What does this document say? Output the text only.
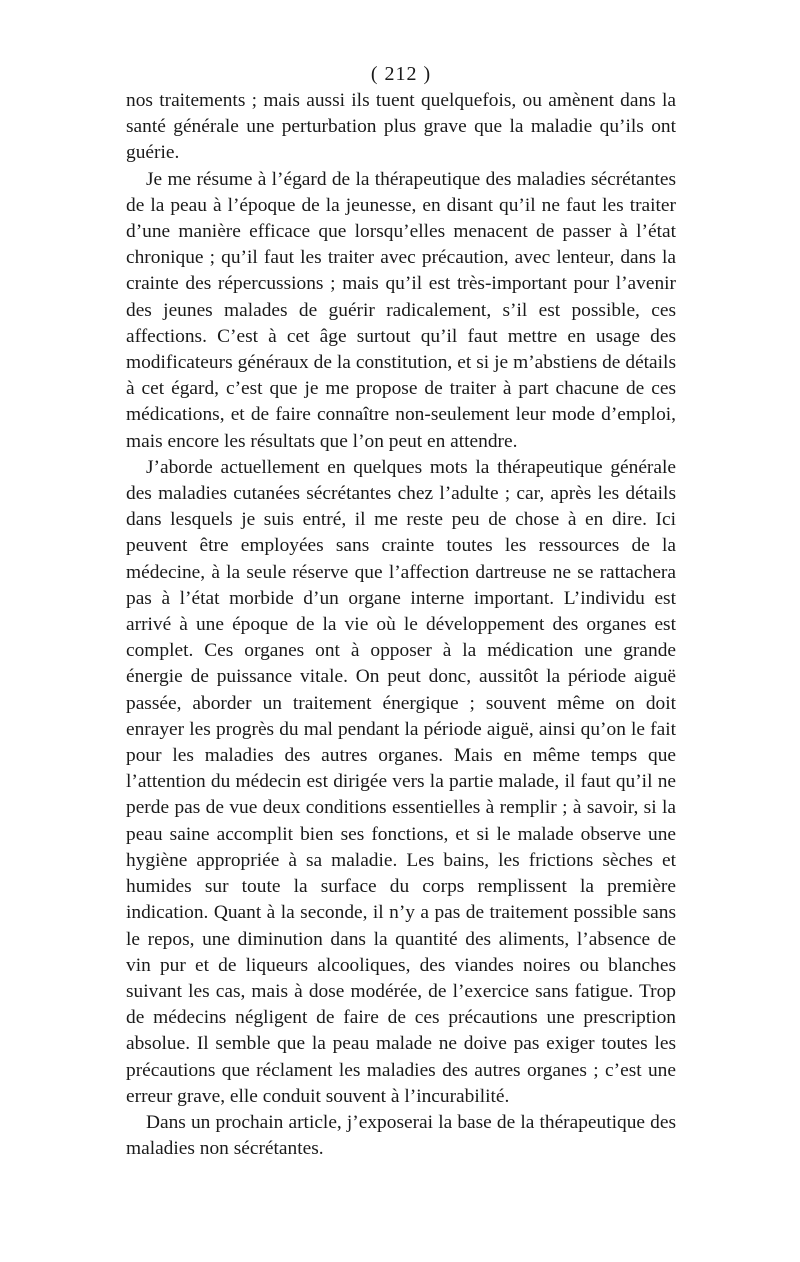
( 212 )

nos traitements ; mais aussi ils tuent quelquefois, ou amènent dans la santé générale une perturbation plus grave que la maladie qu’ils ont guérie.

Je me résume à l’égard de la thérapeutique des maladies sécrétantes de la peau à l’époque de la jeunesse, en disant qu’il ne faut les traiter d’une manière efficace que lorsqu’elles menacent de passer à l’état chronique ; qu’il faut les traiter avec précaution, avec lenteur, dans la crainte des répercussions ; mais qu’il est très-important pour l’avenir des jeunes malades de guérir radicalement, s’il est possible, ces affections. C’est à cet âge surtout qu’il faut mettre en usage des modificateurs généraux de la constitution, et si je m’abstiens de détails à cet égard, c’est que je me propose de traiter à part chacune de ces médications, et de faire connaître non-seulement leur mode d’emploi, mais encore les résultats que l’on peut en attendre.

J’aborde actuellement en quelques mots la thérapeutique générale des maladies cutanées sécrétantes chez l’adulte ; car, après les détails dans lesquels je suis entré, il me reste peu de chose à en dire. Ici peuvent être employées sans crainte toutes les ressources de la médecine, à la seule réserve que l’affection dartreuse ne se rattachera pas à l’état morbide d’un organe interne important. L’individu est arrivé à une époque de la vie où le développement des organes est complet. Ces organes ont à opposer à la médication une grande énergie de puissance vitale. On peut donc, aussitôt la période aiguë passée, aborder un traitement énergique ; souvent même on doit enrayer les progrès du mal pendant la période aiguë, ainsi qu’on le fait pour les maladies des autres organes. Mais en même temps que l’attention du médecin est dirigée vers la partie malade, il faut qu’il ne perde pas de vue deux conditions essentielles à remplir ; à savoir, si la peau saine accomplit bien ses fonctions, et si le malade observe une hygiène appropriée à sa maladie. Les bains, les frictions sèches et humides sur toute la surface du corps remplissent la première indication. Quant à la seconde, il n’y a pas de traitement possible sans le repos, une diminution dans la quantité des aliments, l’absence de vin pur et de liqueurs alcooliques, des viandes noires ou blanches suivant les cas, mais à dose modérée, de l’exercice sans fatigue. Trop de médecins négligent de faire de ces précautions une prescription absolue. Il semble que la peau malade ne doive pas exiger toutes les précautions que réclament les maladies des autres organes ; c’est une erreur grave, elle conduit souvent à l’incurabilité.

Dans un prochain article, j’exposerai la base de la thérapeutique des maladies non sécrétantes.
